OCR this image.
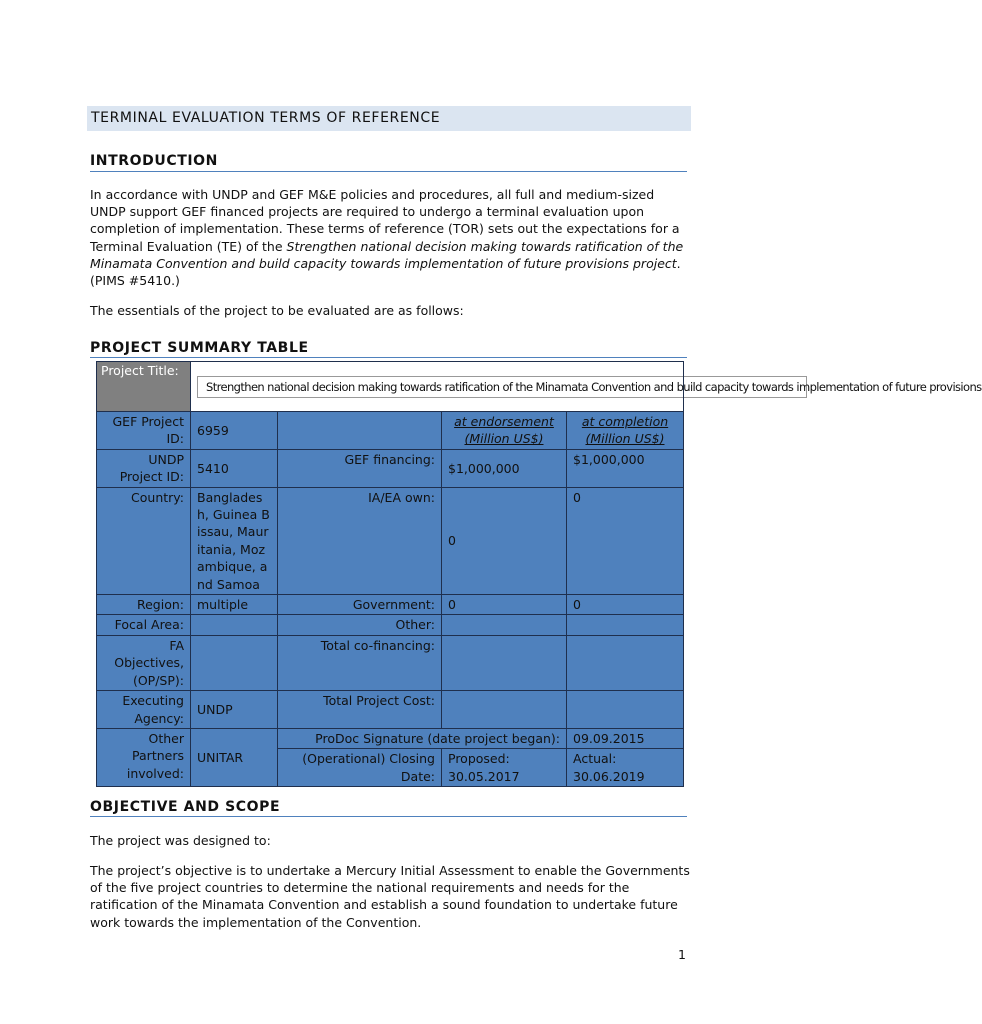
TERMINAL EVALUATION TERMS OF REFERENCE
INTRODUCTION
In accordance with UNDP and GEF M&E policies and procedures, all full and medium-sized UNDP support GEF financed projects are required to undergo a terminal evaluation upon completion of implementation. These terms of reference (TOR) sets out the expectations for a Terminal Evaluation (TE) of the Strengthen national decision making towards ratification of the Minamata Convention and build capacity towards implementation of future provisions project. (PIMS #5410.)
The essentials of the project to be evaluated are as follows:
PROJECT SUMMARY TABLE
Project Title:	Strengthen national decision making towards ratification of the Minamata Convention and build capacity towards implementation of future provisions			

GEF Project ID:	6959		at endorsement (Million US$)	at completion (Million US$)
UNDP Project ID:	5410	GEF financing:	$1,000,000	$1,000,000
Country:	Bangladesh, Guinea Bissau, Mauritania, Mozambique, and Samoa	IA/EA own:	0	0
Region:	multiple	Government:	0	0
Focal Area:		Other:		
FA Objectives, (OP/SP):		Total co-financing:		
Executing Agency:	UNDP	Total Project Cost:		
Other Partners involved:	UNITAR	ProDoc Signature (date project began):		09.09.2015
		(Operational) Closing Date:	Proposed: 30.05.2017	Actual: 30.06.2019
OBJECTIVE AND SCOPE
The project was designed to:
The project’s objective is to undertake a Mercury Initial Assessment to enable the Governments of the five project countries to determine the national requirements and needs for the ratification of the Minamata Convention and establish a sound foundation to undertake future work towards the implementation of the Convention.
1
